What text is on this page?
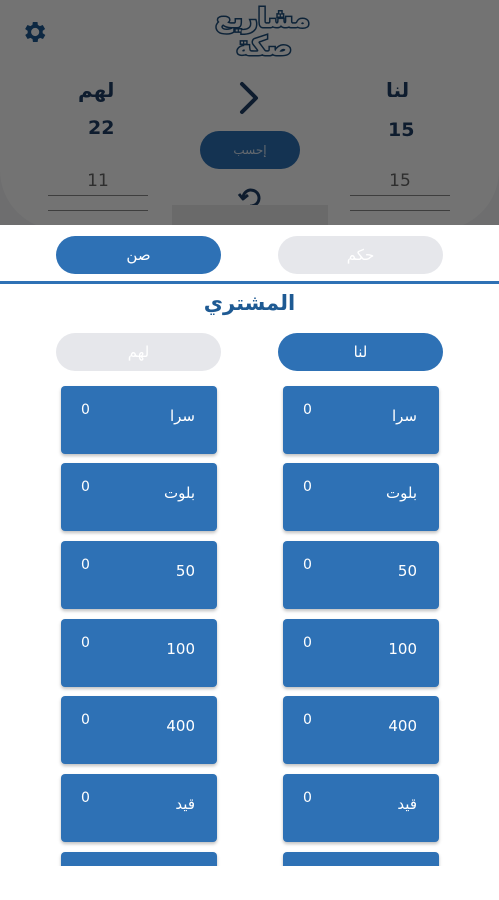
حكم
صن
المشتري
لنا
لهم
0	سرا
0	بلوت
0	50
0	100
0	400
0	قيد
0	سرا
0	بلوت
0	50
0	100
0	400
0	قيد
